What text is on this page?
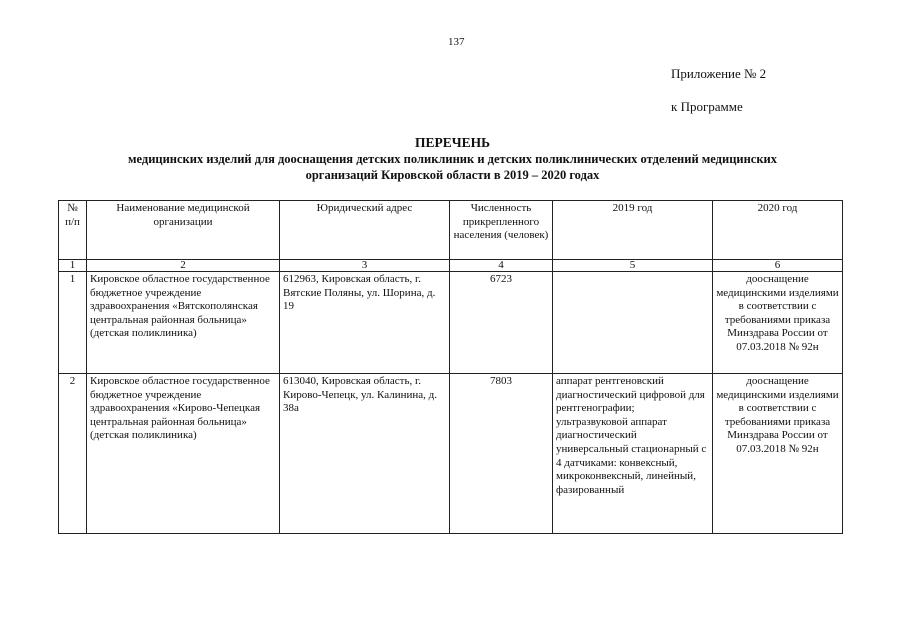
137
Приложение № 2
к Программе
ПЕРЕЧЕНЬ
медицинских изделий для дооснащения детских поликлиник и детских поликлинических отделений медицинских
организаций Кировской области в 2019 – 2020 годах
№ п/п	Наименование медицинской организации	Юридический адрес	Численность прикрепленного населения (человек)	2019 год	2020 год
1	2	3	4	5	6
1	Кировское областное государственное бюджетное учреждение здравоохранения «Вятскополянская центральная районная больница» (детская поликлиника)	612963, Кировская область, г. Вятские Поляны, ул. Шорина, д. 19	6723		дооснащение медицинскими изделиями в соответствии с требованиями приказа Минздрава России от 07.03.2018 № 92н
2	Кировское областное государственное бюджетное учреждение здравоохранения «Кирово-Чепецкая центральная районная больница» (детская поликлиника)	613040, Кировская область, г. Кирово-Чепецк, ул. Калинина, д. 38а	7803	аппарат рентгеновский диагностический цифровой для рентгенографии; ультразвуковой аппарат диагностический универсальный стационарный с 4 датчиками: конвексный, микроконвексный, линейный, фазированный	дооснащение медицинскими изделиями в соответствии с требованиями приказа Минздрава России от 07.03.2018 № 92н
